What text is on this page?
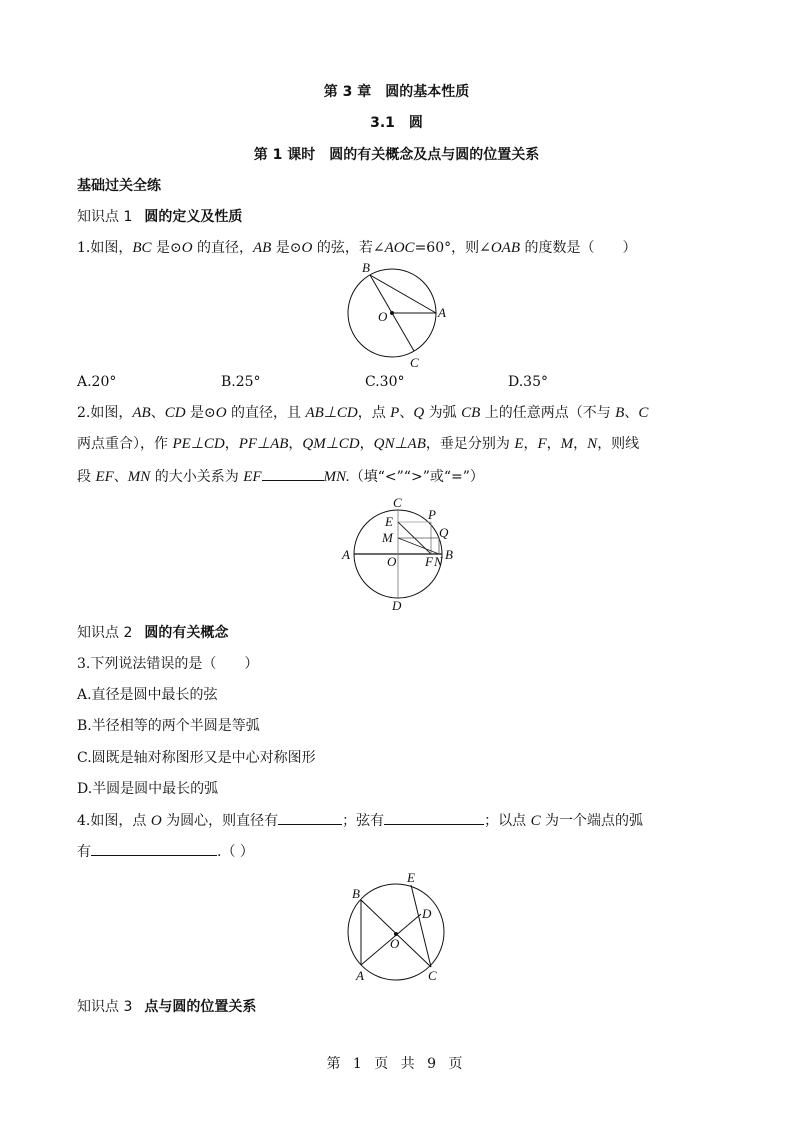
第 3 章　圆的基本性质
3.1　圆
第 1 课时　圆的有关概念及点与圆的位置关系
基础过关全练
知识点 1 圆的定义及性质
1.如图，BC 是⊙O 的直径，AB 是⊙O 的弦，若∠AOC=60°，则∠OAB 的度数是（　　）
B
A
O
C
A.20°	B.25°	C.30°	D.35°
2.如图，AB、CD 是⊙O 的直径，且 AB⊥CD，点 P、Q 为弧 CB 上的任意两点（不与 B、C
两点重合），作 PE⊥CD，PF⊥AB，QM⊥CD，QN⊥AB，垂足分别为 E，F，M，N，则线
段 EF、MN 的大小关系为 EF	MN.（填“<”“>”或“=”）
C
P
E
Q
M
A	O F N B
D
知识点 2 圆的有关概念
3.下列说法错误的是（　　）
A.直径是圆中最长的弦
B.半径相等的两个半圆是等弧
C.圆既是轴对称图形又是中心对称图形
D.半圆是圆中最长的弧
4.如图，点 O 为圆心，则直径有	；弦有	；以点 C 为一个端点的弧
有	.（ ）
B
E
D
O
A	C
知识点 3 点与圆的位置关系
第 1 页 共 9 页
